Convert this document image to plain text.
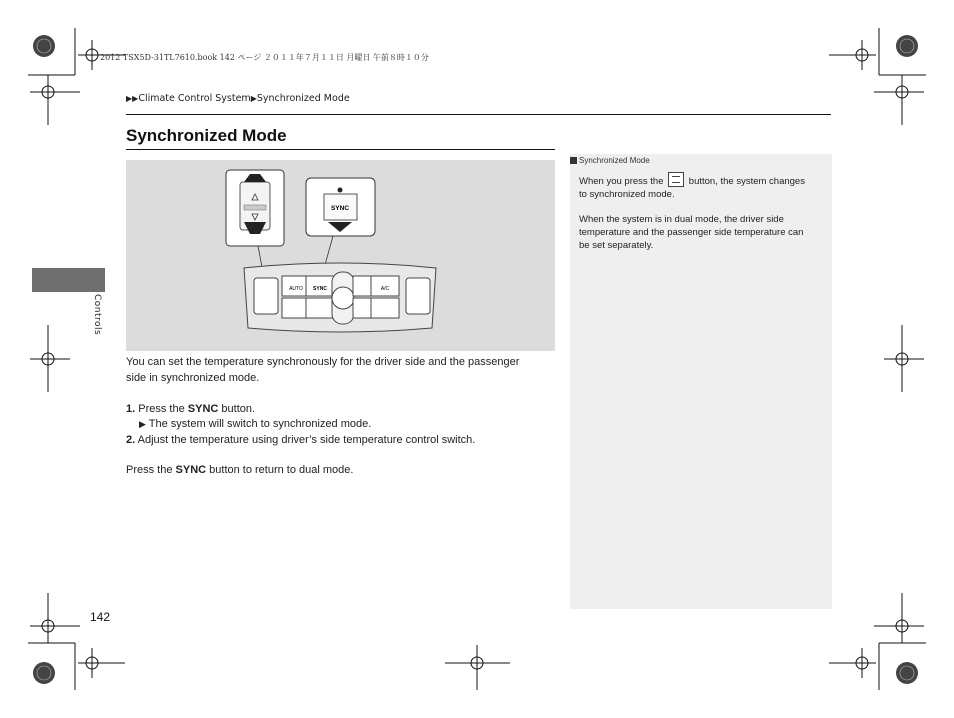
2012 TSX5D-31TL7610.book 142 ページ ２０１１年７月１１日 月曜日 午前８時１０分
▶▶Climate Control System▶Synchronized Mode
Synchronized Mode
Controls
SYNC
AUTO SYNC	A/C
You can set the temperature synchronously for the driver side and the passenger
side in synchronized mode.
1. Press the SYNC button.
▶ The system will switch to synchronized mode.
2. Adjust the temperature using driver’s side temperature control switch.
Press the SYNC button to return to dual mode.
Synchronized Mode
When you press the  button, the system changes
to synchronized mode.
When the system is in dual mode, the driver side
temperature and the passenger side temperature can
be set separately.
142
